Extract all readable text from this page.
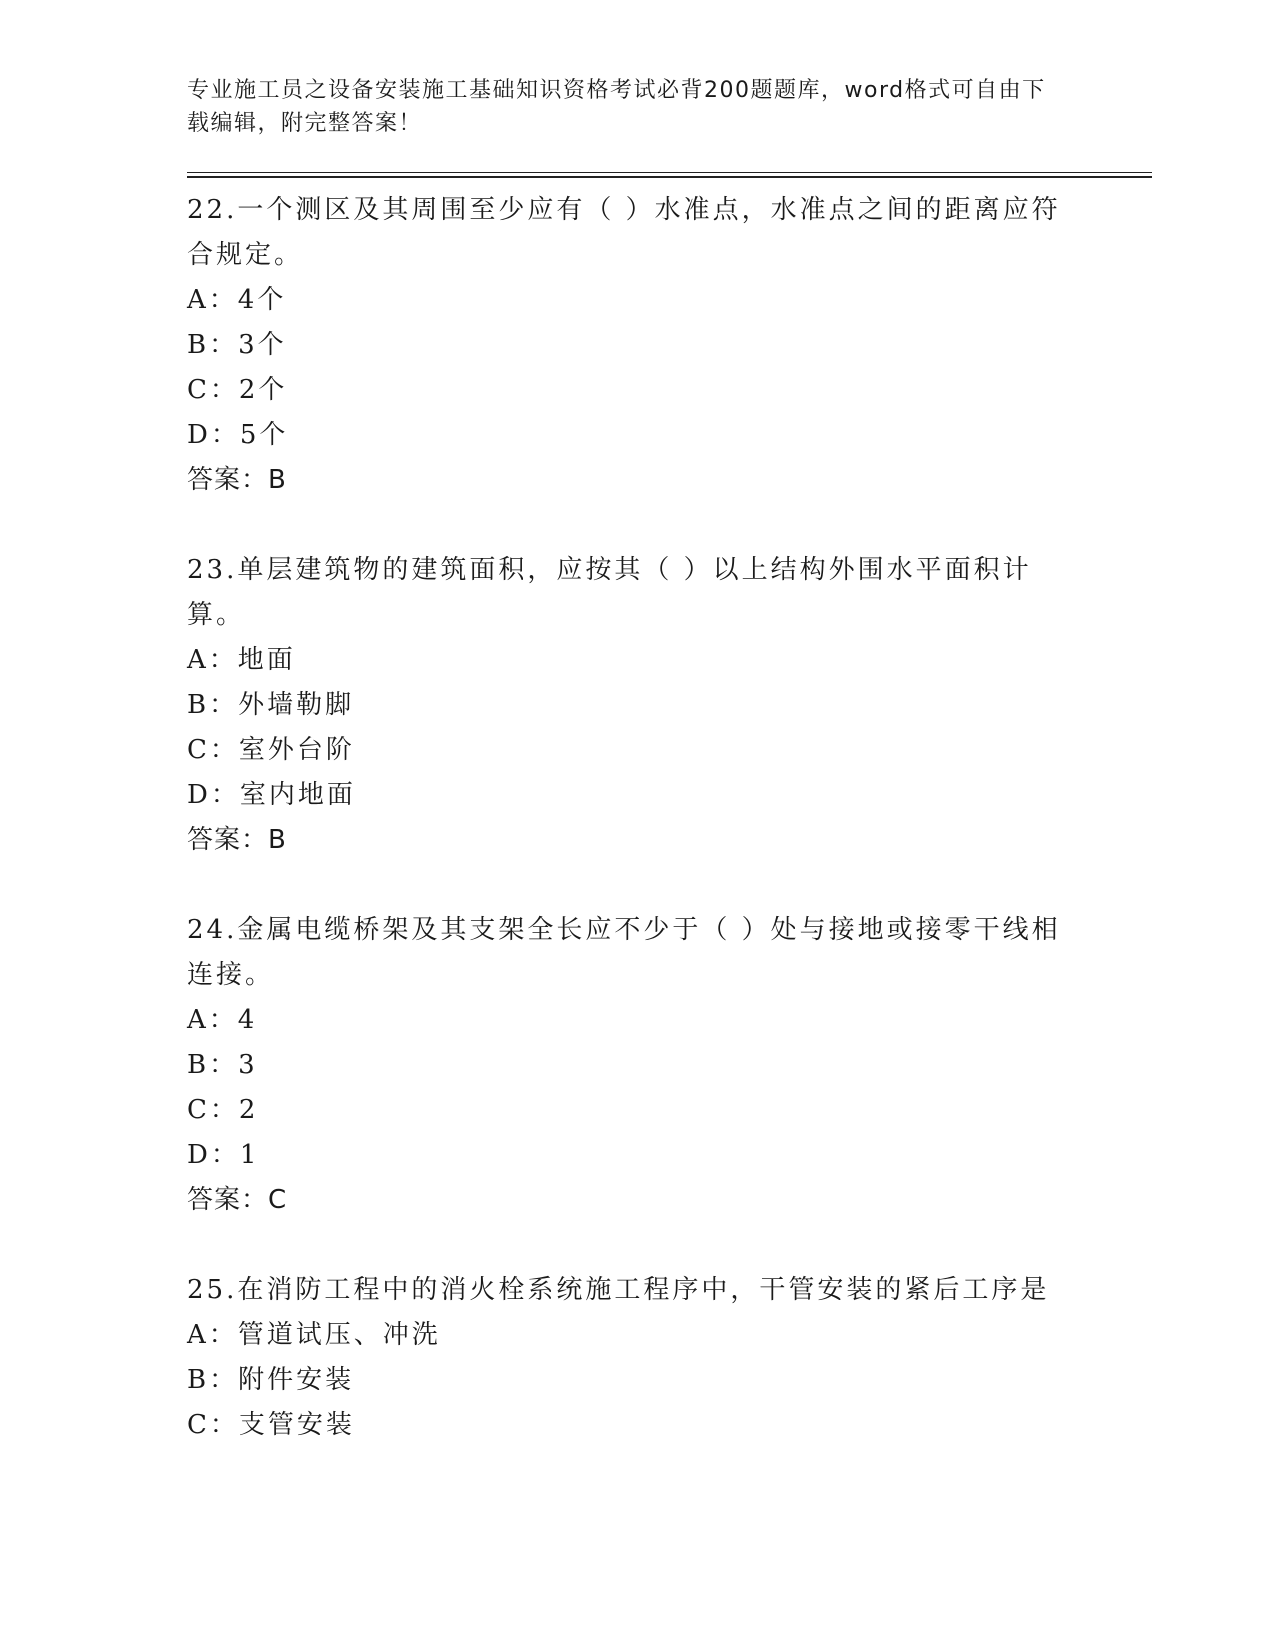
专业施工员之设备安装施工基础知识资格考试必背200题题库，word格式可自由下载编辑，附完整答案！

22.一个测区及其周围至少应有（ ）水准点，水准点之间的距离应符合规定。

A：4个

B：3个

C：2个

D：5个

答案：B

23.单层建筑物的建筑面积，应按其（ ）以上结构外围水平面积计算。

A：地面

B：外墙勒脚

C：室外台阶

D：室内地面

答案：B

24.金属电缆桥架及其支架全长应不少于（ ）处与接地或接零干线相连接。

A：4

B：3

C：2

D：1

答案：C

25.在消防工程中的消火栓系统施工程序中，干管安装的紧后工序是

A：管道试压、冲洗

B：附件安装

C：支管安装
